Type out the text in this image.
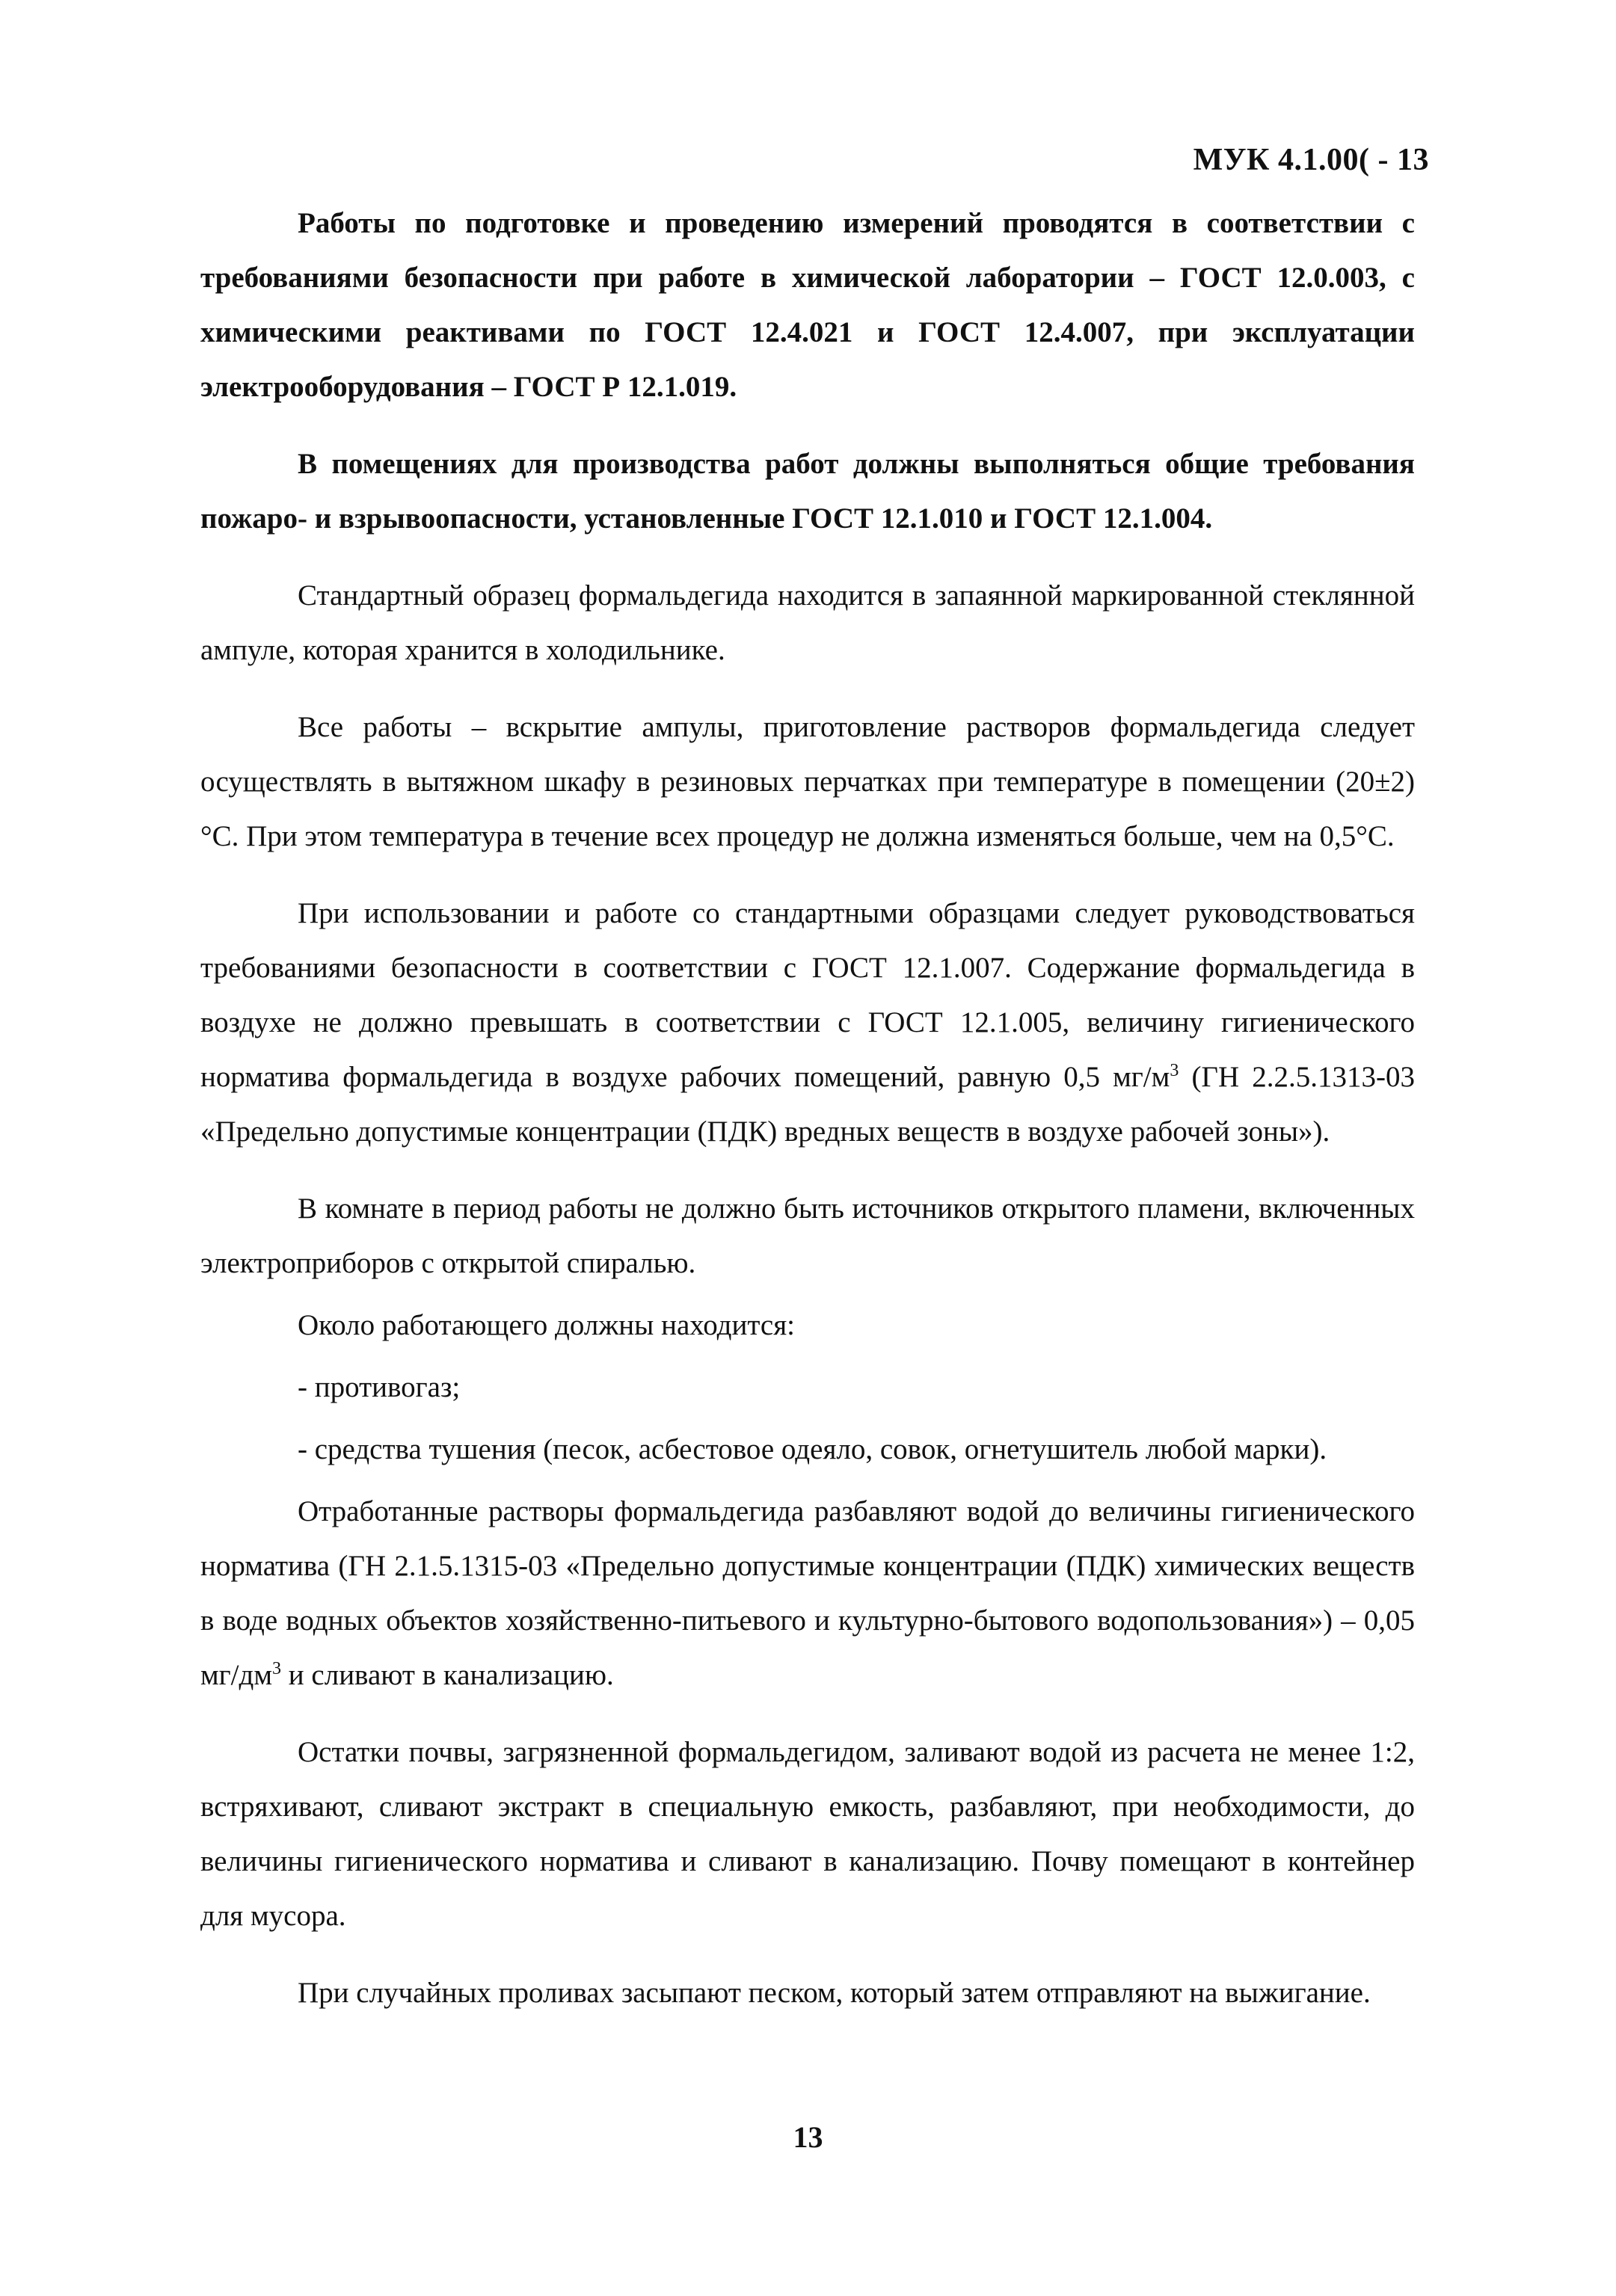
МУК 4.1.00( - 13

Работы по подготовке и проведению измерений проводятся в соответствии с требованиями безопасности при работе в химической лаборатории – ГОСТ 12.0.003, с химическими реактивами по ГОСТ 12.4.021 и ГОСТ 12.4.007, при эксплуатации электрооборудования – ГОСТ Р 12.1.019.

В помещениях для производства работ должны выполняться общие требования пожаро- и взрывоопасности, установленные ГОСТ 12.1.010 и ГОСТ 12.1.004.

Стандартный образец формальдегида находится в запаянной маркированной стеклянной ампуле, которая хранится в холодильнике.

Все работы – вскрытие ампулы, приготовление растворов формальдегида следует осуществлять в вытяжном шкафу в резиновых перчатках при температуре в помещении (20±2)°С. При этом температура в течение всех процедур не должна изменяться больше, чем на 0,5°С.

При использовании и работе со стандартными образцами следует руководствоваться требованиями безопасности в соответствии с ГОСТ 12.1.007. Содержание формальдегида в воздухе не должно превышать в соответствии с ГОСТ 12.1.005, величину гигиенического норматива формальдегида в воздухе рабочих помещений, равную 0,5 $мг/м^3$ (ГН 2.2.5.1313-03 «Предельно допустимые концентрации (ПДК) вредных веществ в воздухе рабочей зоны»).

В комнате в период работы не должно быть источников открытого пламени, включенных электроприборов с открытой спиралью.

Около работающего должны находится:

- противогаз;

- средства тушения (песок, асбестовое одеяло, совок, огнетушитель любой марки).

Отработанные растворы формальдегида разбавляют водой до величины гигиенического норматива (ГН 2.1.5.1315-03 «Предельно допустимые концентрации (ПДК) химических веществ в воде водных объектов хозяйственно-питьевого и культурно-бытового водопользования») – 0,05 $мг/дм^3$ и сливают в канализацию.

Остатки почвы, загрязненной формальдегидом, заливают водой из расчета не менее 1:2, встряхивают, сливают экстракт в специальную емкость, разбавляют, при необходимости, до величины гигиенического норматива и сливают в канализацию. Почву помещают в контейнер для мусора.

При случайных проливах засыпают песком, который затем отправляют на выжигание.

13
